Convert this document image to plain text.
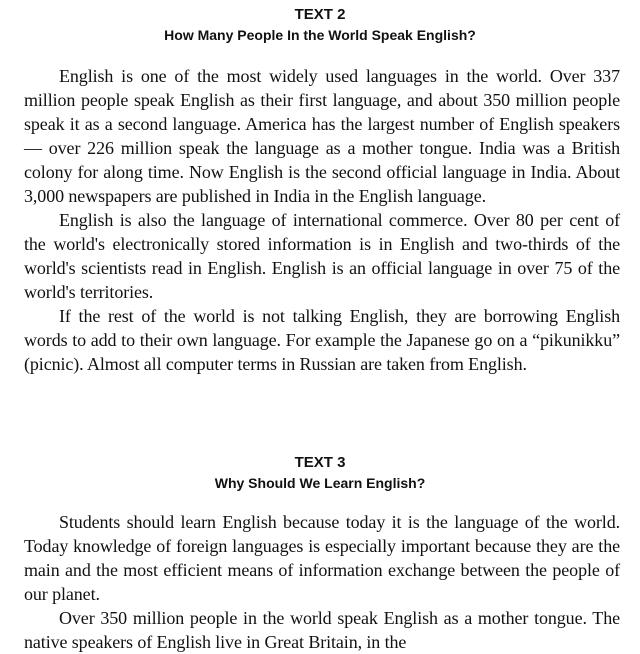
TEXT 2
How Many People In the World Speak English?

English is one of the most widely used languages in the world. Over 337 million people speak English as their first language, and about 350 million people speak it as a second language. America has the largest number of English speakers — over 226 million speak the language as a mother tongue. India was a British colony for along time. Now English is the second official language in India. About 3,000 newspapers are published in India in the English language.

English is also the language of international commerce. Over 80 per cent of the world's electronically stored information is in English and two-thirds of the world's scientists read in English. English is an official language in over 75 of the world's territories.

If the rest of the world is not talking English, they are borrowing English words to add to their own language. For example the Japanese go on a “pikunikku” (picnic). Almost all computer terms in Russian are taken from English.

TEXT 3
Why Should We Learn English?

Students should learn English because today it is the language of the world. Today knowledge of foreign languages is especially important because they are the main and the most efficient means of information exchange between the people of our planet.

Over 350 million people in the world speak English as a mother tongue. The native speakers of English live in Great Britain, in the
